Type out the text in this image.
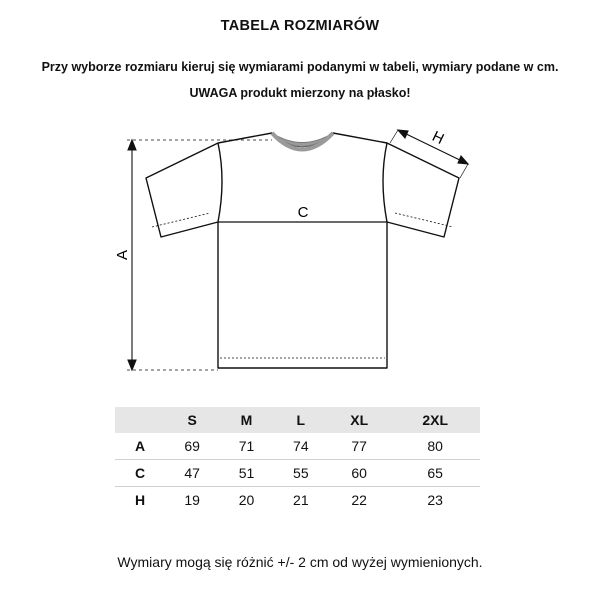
TABELA ROZMIARÓW
Przy wyborze rozmiaru kieruj się wymiarami podanymi w tabeli, wymiary podane w cm.
UWAGA produkt mierzony na płasko!
A
C
H
	S	M	L	XL	2XL
A	69	71	74	77	80
C	47	51	55	60	65
H	19	20	21	22	23
Wymiary mogą się różnić +/- 2 cm od wyżej wymienionych.
